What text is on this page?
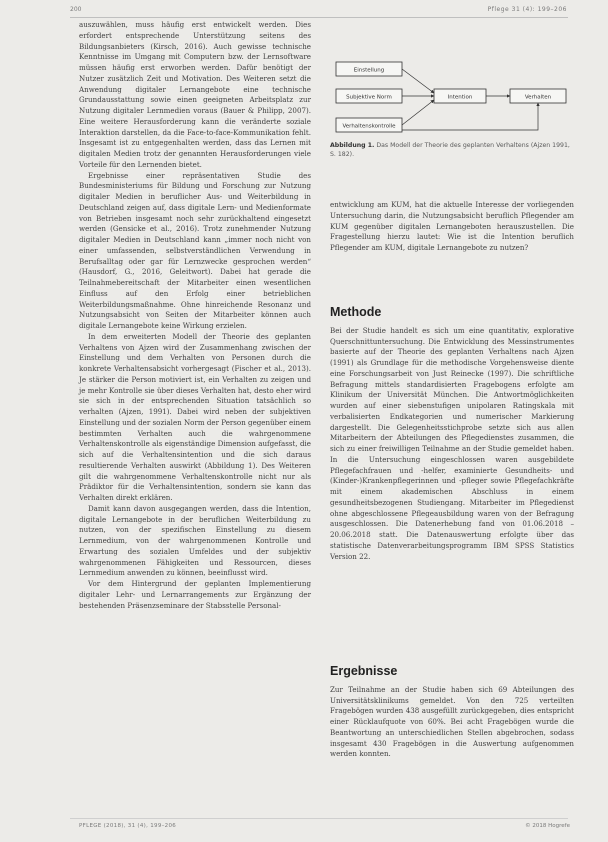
200	Pflege 31 (4): 199–206

auszuwählen, muss häufig erst entwickelt werden. Dies erfordert entsprechende Unterstützung seitens des Bildungsanbieters (Kirsch, 2016). Auch gewisse technische Kenntnisse im Umgang mit Computern bzw. der Lernsoftware müssen häufig erst erworben werden. Dafür benötigt der Nutzer zusätzlich Zeit und Motivation. Des Weiteren setzt die Anwendung digitaler Lernangebote eine technische Grundausstattung sowie einen geeigneten Arbeitsplatz zur Nutzung digitaler Lernmedien voraus (Bauer & Philipp, 2007). Eine weitere Herausforderung kann die veränderte soziale Interaktion darstellen, da die Face-to-face-Kommunikation fehlt. Insgesamt ist zu entgegenhalten werden, dass das Lernen mit digitalen Medien trotz der genannten Herausforderungen viele Vorteile für den Lernenden bietet.

Ergebnisse einer repräsentativen Studie des Bundesministeriums für Bildung und Forschung zur Nutzung digitaler Medien in beruflicher Aus- und Weiterbildung in Deutschland zeigen auf, dass digitale Lern- und Medienformate von Betrieben insgesamt noch sehr zurückhaltend eingesetzt werden (Gensicke et al., 2016). Trotz zunehmender Nutzung digitaler Medien in Deutschland kann „immer noch nicht von einer umfassenden, selbstverständlichen Verwendung in Berufsalltag oder gar für Lernzwecke gesprochen werden“ (Hausdorf, G., 2016, Geleitwort). Dabei hat gerade die Teilnahmebereitschaft der Mitarbeiter einen wesentlichen Einfluss auf den Erfolg einer betrieblichen Weiterbildungsmaßnahme. Ohne hinreichende Resonanz und Nutzungsabsicht von Seiten der Mitarbeiter können auch digitale Lernangebote keine Wirkung erzielen.

In dem erweiterten Modell der Theorie des geplanten Verhaltens von Ajzen wird der Zusammenhang zwischen der Einstellung und dem Verhalten von Personen durch die konkrete Verhaltensabsicht vorhergesagt (Fischer et al., 2013). Je stärker die Person motiviert ist, ein Verhalten zu zeigen und je mehr Kontrolle sie über dieses Verhalten hat, desto eher wird sie sich in der entsprechenden Situation tatsächlich so verhalten (Ajzen, 1991). Dabei wird neben der subjektiven Einstellung und der sozialen Norm der Person gegenüber einem bestimmten Verhalten auch die wahrgenommene Verhaltenskontrolle als eigenständige Dimension aufgefasst, die sich auf die Verhaltensintention und die sich daraus resultierende Verhalten auswirkt (Abbildung 1). Des Weiteren gilt die wahrgenommene Verhaltenskontrolle nicht nur als Prädiktor für die Verhaltensintention, sondern sie kann das Verhalten direkt erklären.

Damit kann davon ausgegangen werden, dass die Intention, digitale Lernangebote in der beruflichen Weiterbildung zu nutzen, von der spezifischen Einstellung zu diesem Lernmedium, von der wahrgenommenen Kontrolle und Erwartung des sozialen Umfeldes und der subjektiv wahrgenommenen Fähigkeiten und Ressourcen, dieses Lernmedium anwenden zu können, beeinflusst wird.

Vor dem Hintergrund der geplanten Implementierung digitaler Lehr- und Lernarrangements zur Ergänzung der bestehenden Präsenzseminare der Stabsstelle Personal-

Einstellung
Subjektive Norm
Verhaltenskontrolle
Intention	Verhalten
Abbildung 1. Das Modell der Theorie des geplanten Verhaltens (Ajzen 1991, S. 182).

entwicklung am KUM, hat die aktuelle Interesse der vorliegenden Untersuchung darin, die Nutzungsabsicht beruflich Pflegender am KUM gegenüber digitalen Lernangeboten herauszustellen. Die Fragestellung hierzu lautet: Wie ist die Intention beruflich Pflegender am KUM, digitale Lernangebote zu nutzen?

Methode

Bei der Studie handelt es sich um eine quantitativ, explorative Querschnittuntersuchung. Die Entwicklung des Messinstrumentes basierte auf der Theorie des geplanten Verhaltens nach Ajzen (1991) als Grundlage für die methodische Vorgehensweise diente eine Forschungsarbeit von Just Reinecke (1997). Die schriftliche Befragung mittels standardisierten Fragebogens erfolgte am Klinikum der Universität München. Die Antwortmöglichkeiten wurden auf einer siebenstufigen unipolaren Ratingskala mit verbalisierten Endkategorien und numerischer Markierung dargestellt. Die Gelegenheitsstichprobe setzte sich aus allen Mitarbeitern der Abteilungen des Pflegedienstes zusammen, die sich zu einer freiwilligen Teilnahme an der Studie gemeldet haben. In die Untersuchung eingeschlossen waren ausgebildete Pflegefachfrauen und -helfer, examinierte Gesundheits- und (Kinder-)Krankenpflegerinnen und -pfleger sowie Pflegefachkräfte mit einem akademischen Abschluss in einem gesundheitsbezogenen Studiengang. Mitarbeiter im Pflegedienst ohne abgeschlossene Pflegeausbildung waren von der Befragung ausgeschlossen. Die Datenerhebung fand von 01.06.2018 – 20.06.2018 statt. Die Datenauswertung erfolgte über das statistische Datenverarbeitungsprogramm IBM SPSS Statistics Version 22.

Ergebnisse

Zur Teilnahme an der Studie haben sich 69 Abteilungen des Universitätsklinikums gemeldet. Von den 725 verteilten Fragebögen wurden 438 ausgefüllt zurückgegeben, dies entspricht einer Rücklaufquote von 60%. Bei acht Fragebögen wurde die Beantwortung an unterschiedlichen Stellen abgebrochen, sodass insgesamt 430 Fragebögen in die Auswertung aufgenommen werden konnten.

PFLEGE (2018), 31 (4), 199–206	© 2018 Hogrefe
